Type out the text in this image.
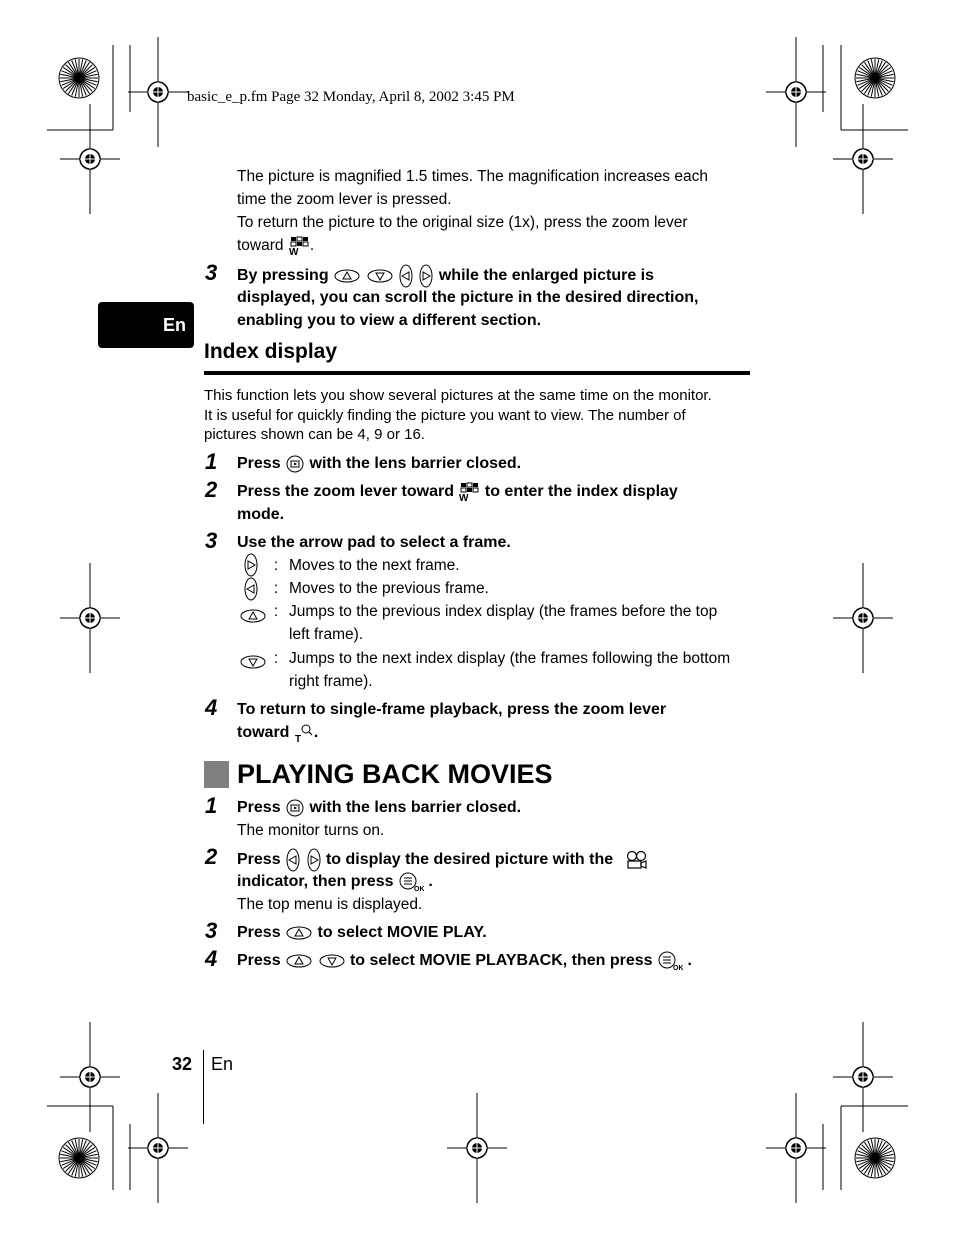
basic_e_p.fm Page 32 Monday, April 8, 2002 3:45 PM
En
The picture is magnified 1.5 times. The magnification increases each
time the zoom lever is pressed.
To return the picture to the original size (1x), press the zoom lever
toward W .
3	By pressing

	while the enlarged picture is
displayed, you can scroll the picture in the desired direction,
enabling you to view a different section.
Index display
This function lets you show several pictures at the same time on the monitor.
It is useful for quickly finding the picture you want to view. The number of
pictures shown can be 4, 9 or 16.
1	Press with the lens barrier closed.
2	Press the zoom lever toward W to enter the index display
mode.
3	Use the arrow pad to select a frame.
: Moves to the next frame.
: Moves to the previous frame.
: Jumps to the previous index display (the frames before the top
left frame).
: Jumps to the next index display (the frames following the bottom
right frame).
4	To return to single-frame playback, press the zoom lever
toward T .
PLAYING BACK MOVIES
1	Press with the lens barrier closed.
The monitor turns on.
2	Press
	to display the desired picture with the
indicator, then press	OK .
The top menu is displayed.
3	Press to select MOVIE PLAY.
4	Press
	to select MOVIE PLAYBACK, then press	OK .
32 En
